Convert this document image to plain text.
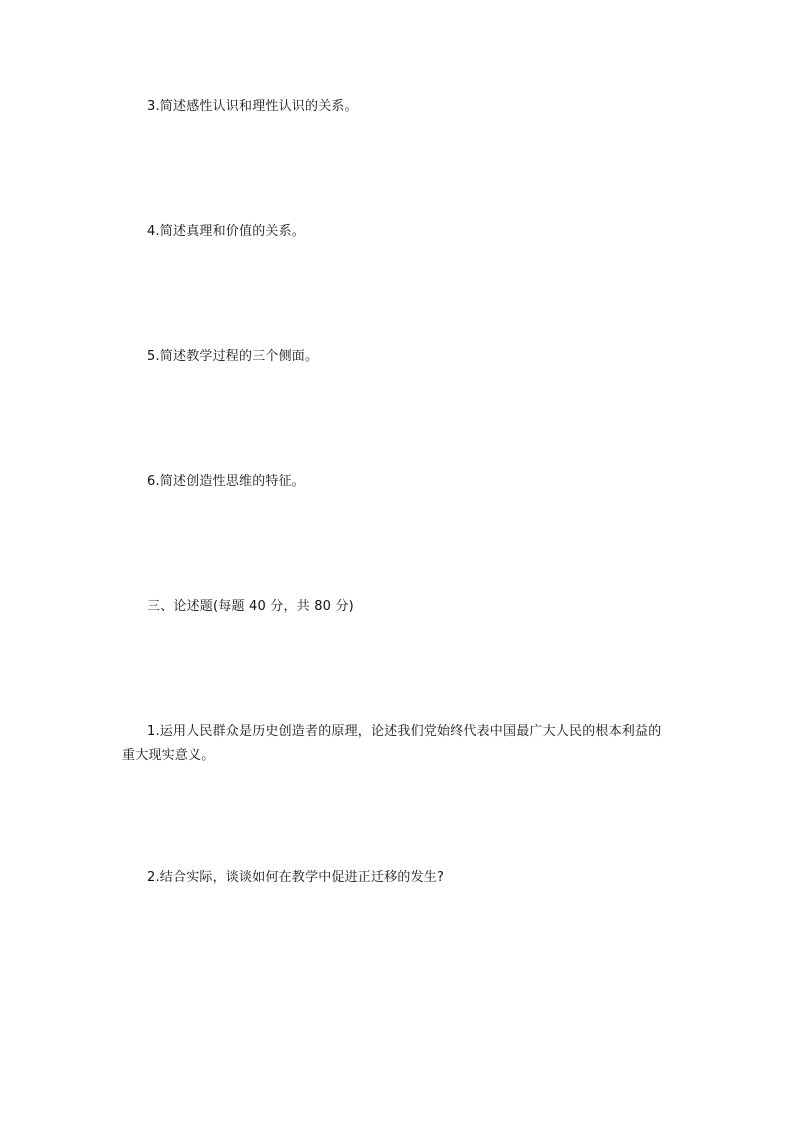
3.简述感性认识和理性认识的关系。
4.简述真理和价值的关系。
5.简述教学过程的三个侧面。
6.简述创造性思维的特征。
三、论述题(每题 40 分，共 80 分)
1.运用人民群众是历史创造者的原理，论述我们党始终代表中国最广大人民的根本利益的重大现实意义。
2.结合实际，谈谈如何在教学中促进正迁移的发生?
